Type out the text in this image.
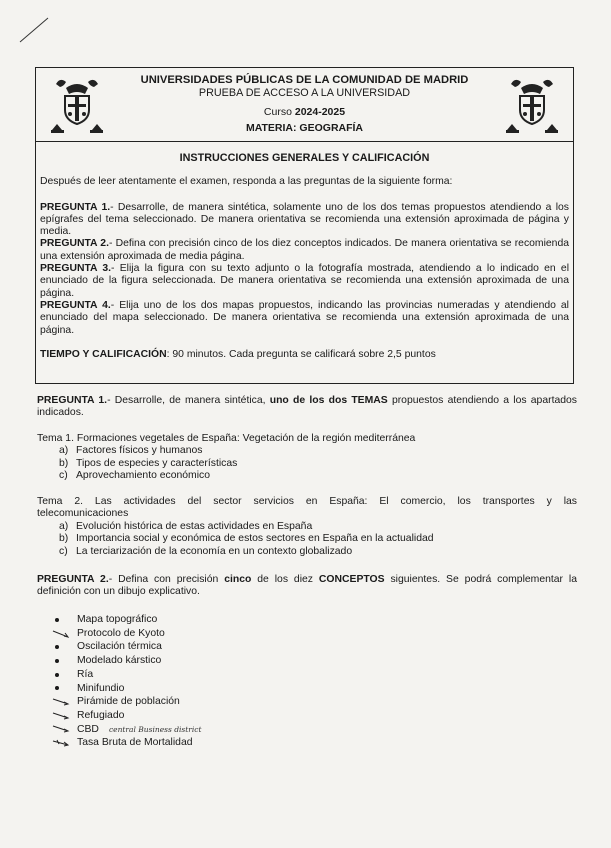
UNIVERSIDADES PÚBLICAS DE LA COMUNIDAD DE MADRID
PRUEBA DE ACCESO A LA UNIVERSIDAD
Curso 2024-2025
MATERIA: GEOGRAFÍA
INSTRUCCIONES GENERALES Y CALIFICACIÓN
Después de leer atentamente el examen, responda a las preguntas de la siguiente forma:
PREGUNTA 1.- Desarrolle, de manera sintética, solamente uno de los dos temas propuestos atendiendo a los epígrafes del tema seleccionado. De manera orientativa se recomienda una extensión aproximada de página y media.
PREGUNTA 2.- Defina con precisión cinco de los diez conceptos indicados. De manera orientativa se recomienda una extensión aproximada de media página.
PREGUNTA 3.- Elija la figura con su texto adjunto o la fotografía mostrada, atendiendo a lo indicado en el enunciado de la figura seleccionada. De manera orientativa se recomienda una extensión aproximada de una página.
PREGUNTA 4.- Elija uno de los dos mapas propuestos, indicando las provincias numeradas y atendiendo al enunciado del mapa seleccionado. De manera orientativa se recomienda una extensión aproximada de una página.
TIEMPO Y CALIFICACIÓN: 90 minutos. Cada pregunta se calificará sobre 2,5 puntos
PREGUNTA 1.- Desarrolle, de manera sintética, uno de los dos TEMAS propuestos atendiendo a los apartados indicados.
Tema 1. Formaciones vegetales de España: Vegetación de la región mediterránea
a) Factores físicos y humanos
b) Tipos de especies y características
c) Aprovechamiento económico
Tema 2. Las actividades del sector servicios en España: El comercio, los transportes y las telecomunicaciones
a) Evolución histórica de estas actividades en España
b) Importancia social y económica de estos sectores en España en la actualidad
c) La terciarización de la economía en un contexto globalizado
PREGUNTA 2.- Defina con precisión cinco de los diez CONCEPTOS siguientes. Se podrá complementar la definición con un dibujo explicativo.
Mapa topográfico
Protocolo de Kyoto
Oscilación térmica
Modelado kárstico
Ría
Minifundio
Pirámide de población
Refugiado
CBD central Business district
Tasa Bruta de Mortalidad
